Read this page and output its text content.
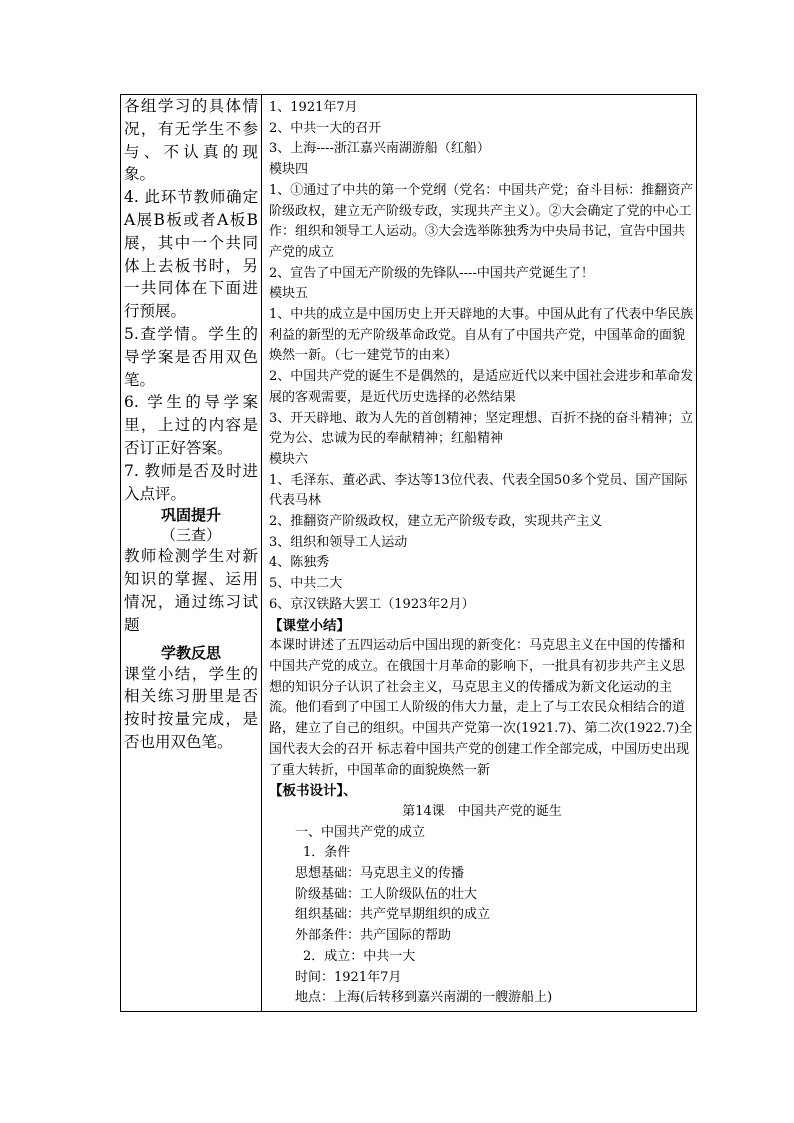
各组学习的具体情况，有无学生不参与、不认真的现象。

4. 此环节教师确定A展B板或者A板B展，其中一个共同体上去板书时，另一共同体在下面进行预展。

5.查学情。学生的导学案是否用双色笔。

6. 学生的导学案里，上过的内容是否订正好答案。

7. 教师是否及时进入点评。

巩固提升

（三查）

教师检测学生对新知识的掌握、运用情况，通过练习试题

学教反思

课堂小结，学生的相关练习册里是否按时按量完成，是否也用双色笔。

1、1921年7月

2、中共一大的召开

3、上海----浙江嘉兴南湖游船（红船）

模块四

1、①通过了中共的第一个党纲（党名：中国共产党；奋斗目标：推翻资产阶级政权，建立无产阶级专政，实现共产主义）。②大会确定了党的中心工作：组织和领导工人运动。③大会选举陈独秀为中央局书记，宣告中国共产党的成立

2、宣告了中国无产阶级的先锋队----中国共产党诞生了！

模块五

1、中共的成立是中国历史上开天辟地的大事。中国从此有了代表中华民族利益的新型的无产阶级革命政党。自从有了中国共产党，中国革命的面貌焕然一新。（七一建党节的由来）

2、中国共产党的诞生不是偶然的，是适应近代以来中国社会进步和革命发展的客观需要，是近代历史选择的必然结果

3、开天辟地、敢为人先的首创精神；坚定理想、百折不挠的奋斗精神；立党为公、忠诚为民的奉献精神；红船精神

模块六

1、毛泽东、董必武、李达等13位代表、代表全国50多个党员、国产国际代表马林

2、推翻资产阶级政权，建立无产阶级专政，实现共产主义

3、组织和领导工人运动

4、陈独秀

5、中共二大

6、京汉铁路大罢工（1923年2月）

【课堂小结】

本课时讲述了五四运动后中国出现的新变化：马克思主义在中国的传播和中国共产党的成立。在俄国十月革命的影响下，一批具有初步共产主义思想的知识分子认识了社会主义，马克思主义的传播成为新文化运动的主流。他们看到了中国工人阶级的伟大力量，走上了与工农民众相结合的道路，建立了自己的组织。中国共产党第一次(1921.7)、第二次(1922.7)全国代表大会的召开 标志着中国共产党的创建工作全部完成，中国历史出现了重大转折，中国革命的面貌焕然一新

【板书设计】、

第14课　中国共产党的诞生

一、中国共产党的成立

1．条件

思想基础：马克思主义的传播

阶级基础：工人阶级队伍的壮大

组织基础：共产党早期组织的成立

外部条件：共产国际的帮助

2．成立：中共一大

时间：1921年7月

地点：上海(后转移到嘉兴南湖的一艘游船上)
